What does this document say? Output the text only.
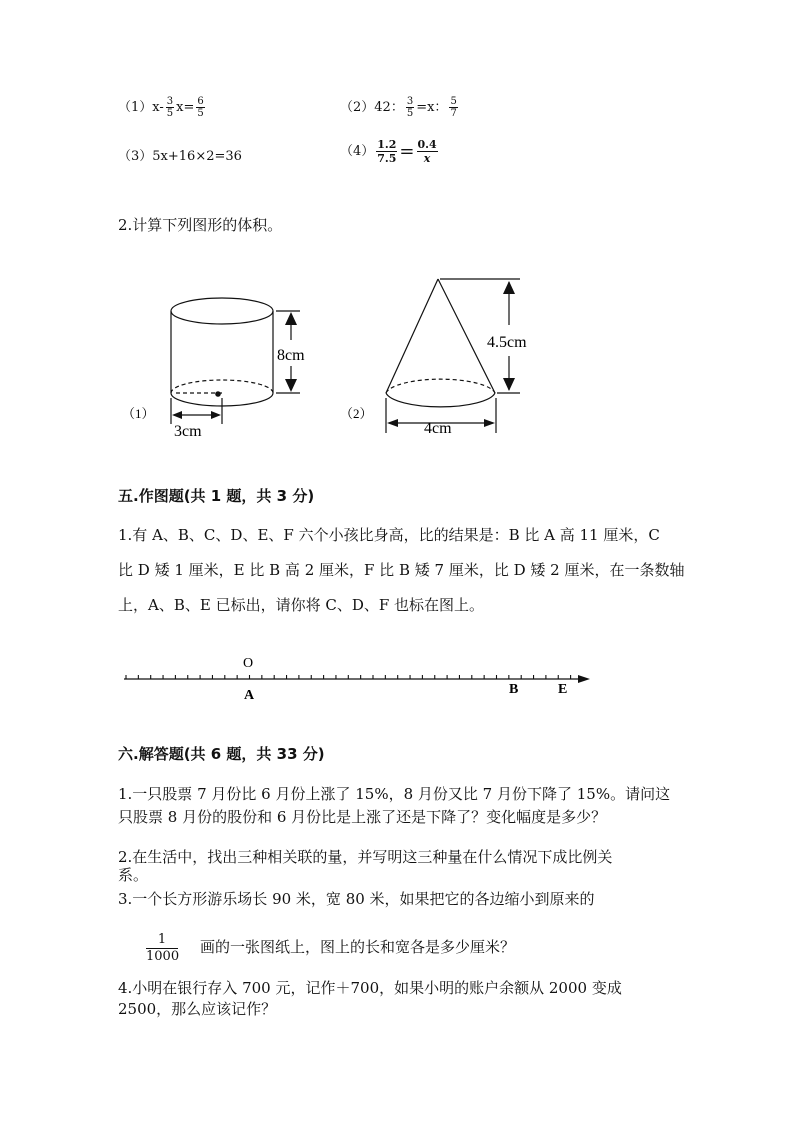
$(1)x- \frac{3}{5} x= \frac{6}{5}$	（2）42： $\frac{3}{5} =x$： $\frac{5}{7}$
（3）5x+16×2=36	$(4) \frac{1.2}{7.5} = \frac{0.4}{x}$
2.计算下列图形的体积。
（1）
8cm
3cm
（2）
4.5cm
4cm
五.作图题(共 1 题，共 3 分)
1.有 A、B、C、D、E、F 六个小孩比身高，比的结果是：B 比 A 高 11 厘米，C
比 D 矮 1 厘米，E 比 B 高 2 厘米，F 比 B 矮 7 厘米，比 D 矮 2 厘米，在一条数轴
上，A、B、E 已标出，请你将 C、D、F 也标在图上。
O
A	B	E
六.解答题(共 6 题，共 33 分)
1.一只股票 7 月份比 6 月份上涨了 15%，8 月份又比 7 月份下降了 15%。请问这
只股票 8 月份的股份和 6 月份比是上涨了还是下降了？变化幅度是多少？
2.在生活中，找出三种相关联的量，并写明这三种量在什么情况下成比例关
系。
3.一个长方形游乐场长 90 米，宽 80 米，如果把它的各边缩小到原来的
$\frac{1}{1000}$ 画的一张图纸上，图上的长和宽各是多少厘米？
4.小明在银行存入 700 元，记作＋700，如果小明的账户余额从 2000 变成
2500，那么应该记作？
